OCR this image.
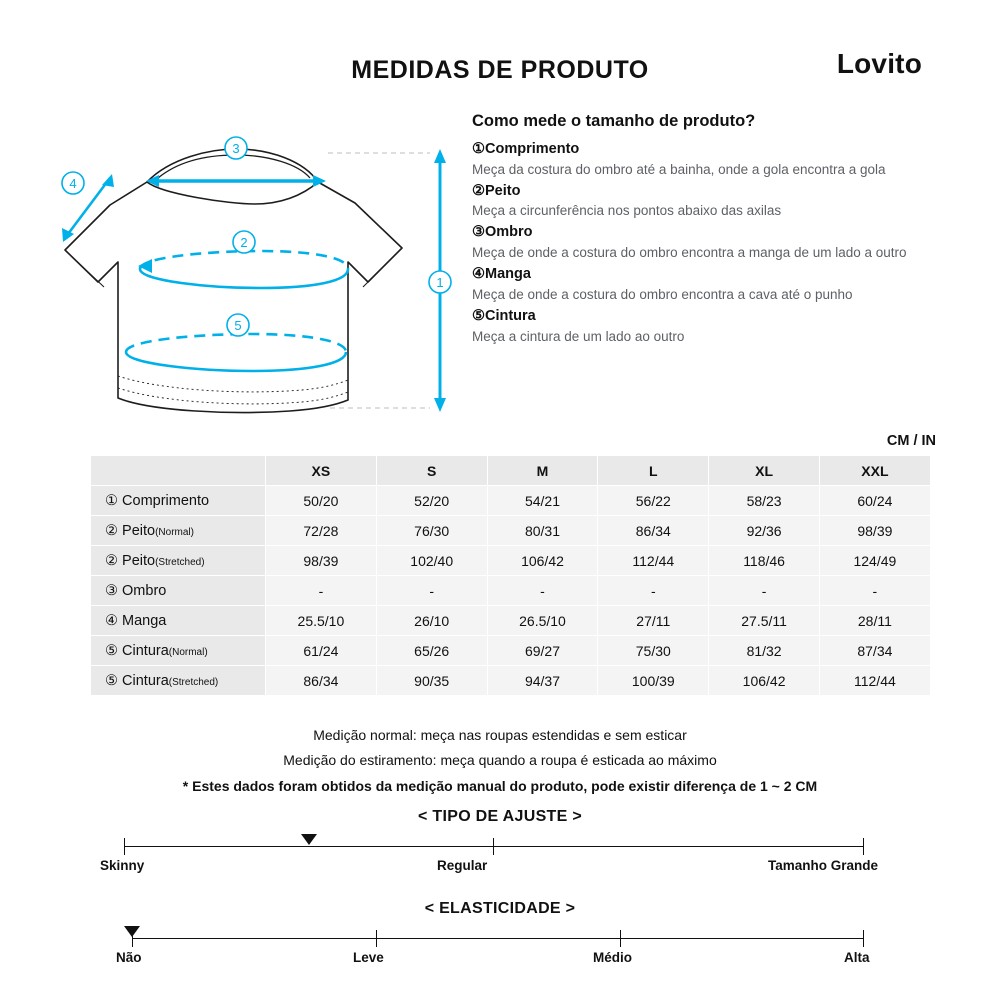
MEDIDAS DE PRODUTO	Lovito
1
3
4
2
5
Como mede o tamanho de produto?
①Comprimento
Meça da costura do ombro até a bainha, onde a gola encontra a gola
②Peito
Meça a circunferência nos pontos abaixo das axilas
③Ombro
Meça de onde a costura do ombro encontra a manga de um lado a outro
④Manga
Meça de onde a costura do ombro encontra a cava até o punho
⑤Cintura
Meça a cintura de um lado ao outro
CM / IN
	XS	S	M	L	XL	XXL
① Comprimento	50/20	52/20	54/21	56/22	58/23	60/24
② Peito(Normal)	72/28	76/30	80/31	86/34	92/36	98/39
② Peito(Stretched)	98/39	102/40	106/42	112/44	118/46	124/49
③ Ombro	-	-	-	-	-	-
④ Manga	25.5/10	26/10	26.5/10	27/11	27.5/11	28/11
⑤ Cintura(Normal)	61/24	65/26	69/27	75/30	81/32	87/34
⑤ Cintura(Stretched)	86/34	90/35	94/37	100/39	106/42	112/44
Medição normal: meça nas roupas estendidas e sem esticar
Medição do estiramento: meça quando a roupa é esticada ao máximo
* Estes dados foram obtidos da medição manual do produto, pode existir diferença de 1 ~ 2 CM
< TIPO DE AJUSTE >
Skinny	Regular	Tamanho Grande
< ELASTICIDADE >
Não	Leve	Médio	Alta
